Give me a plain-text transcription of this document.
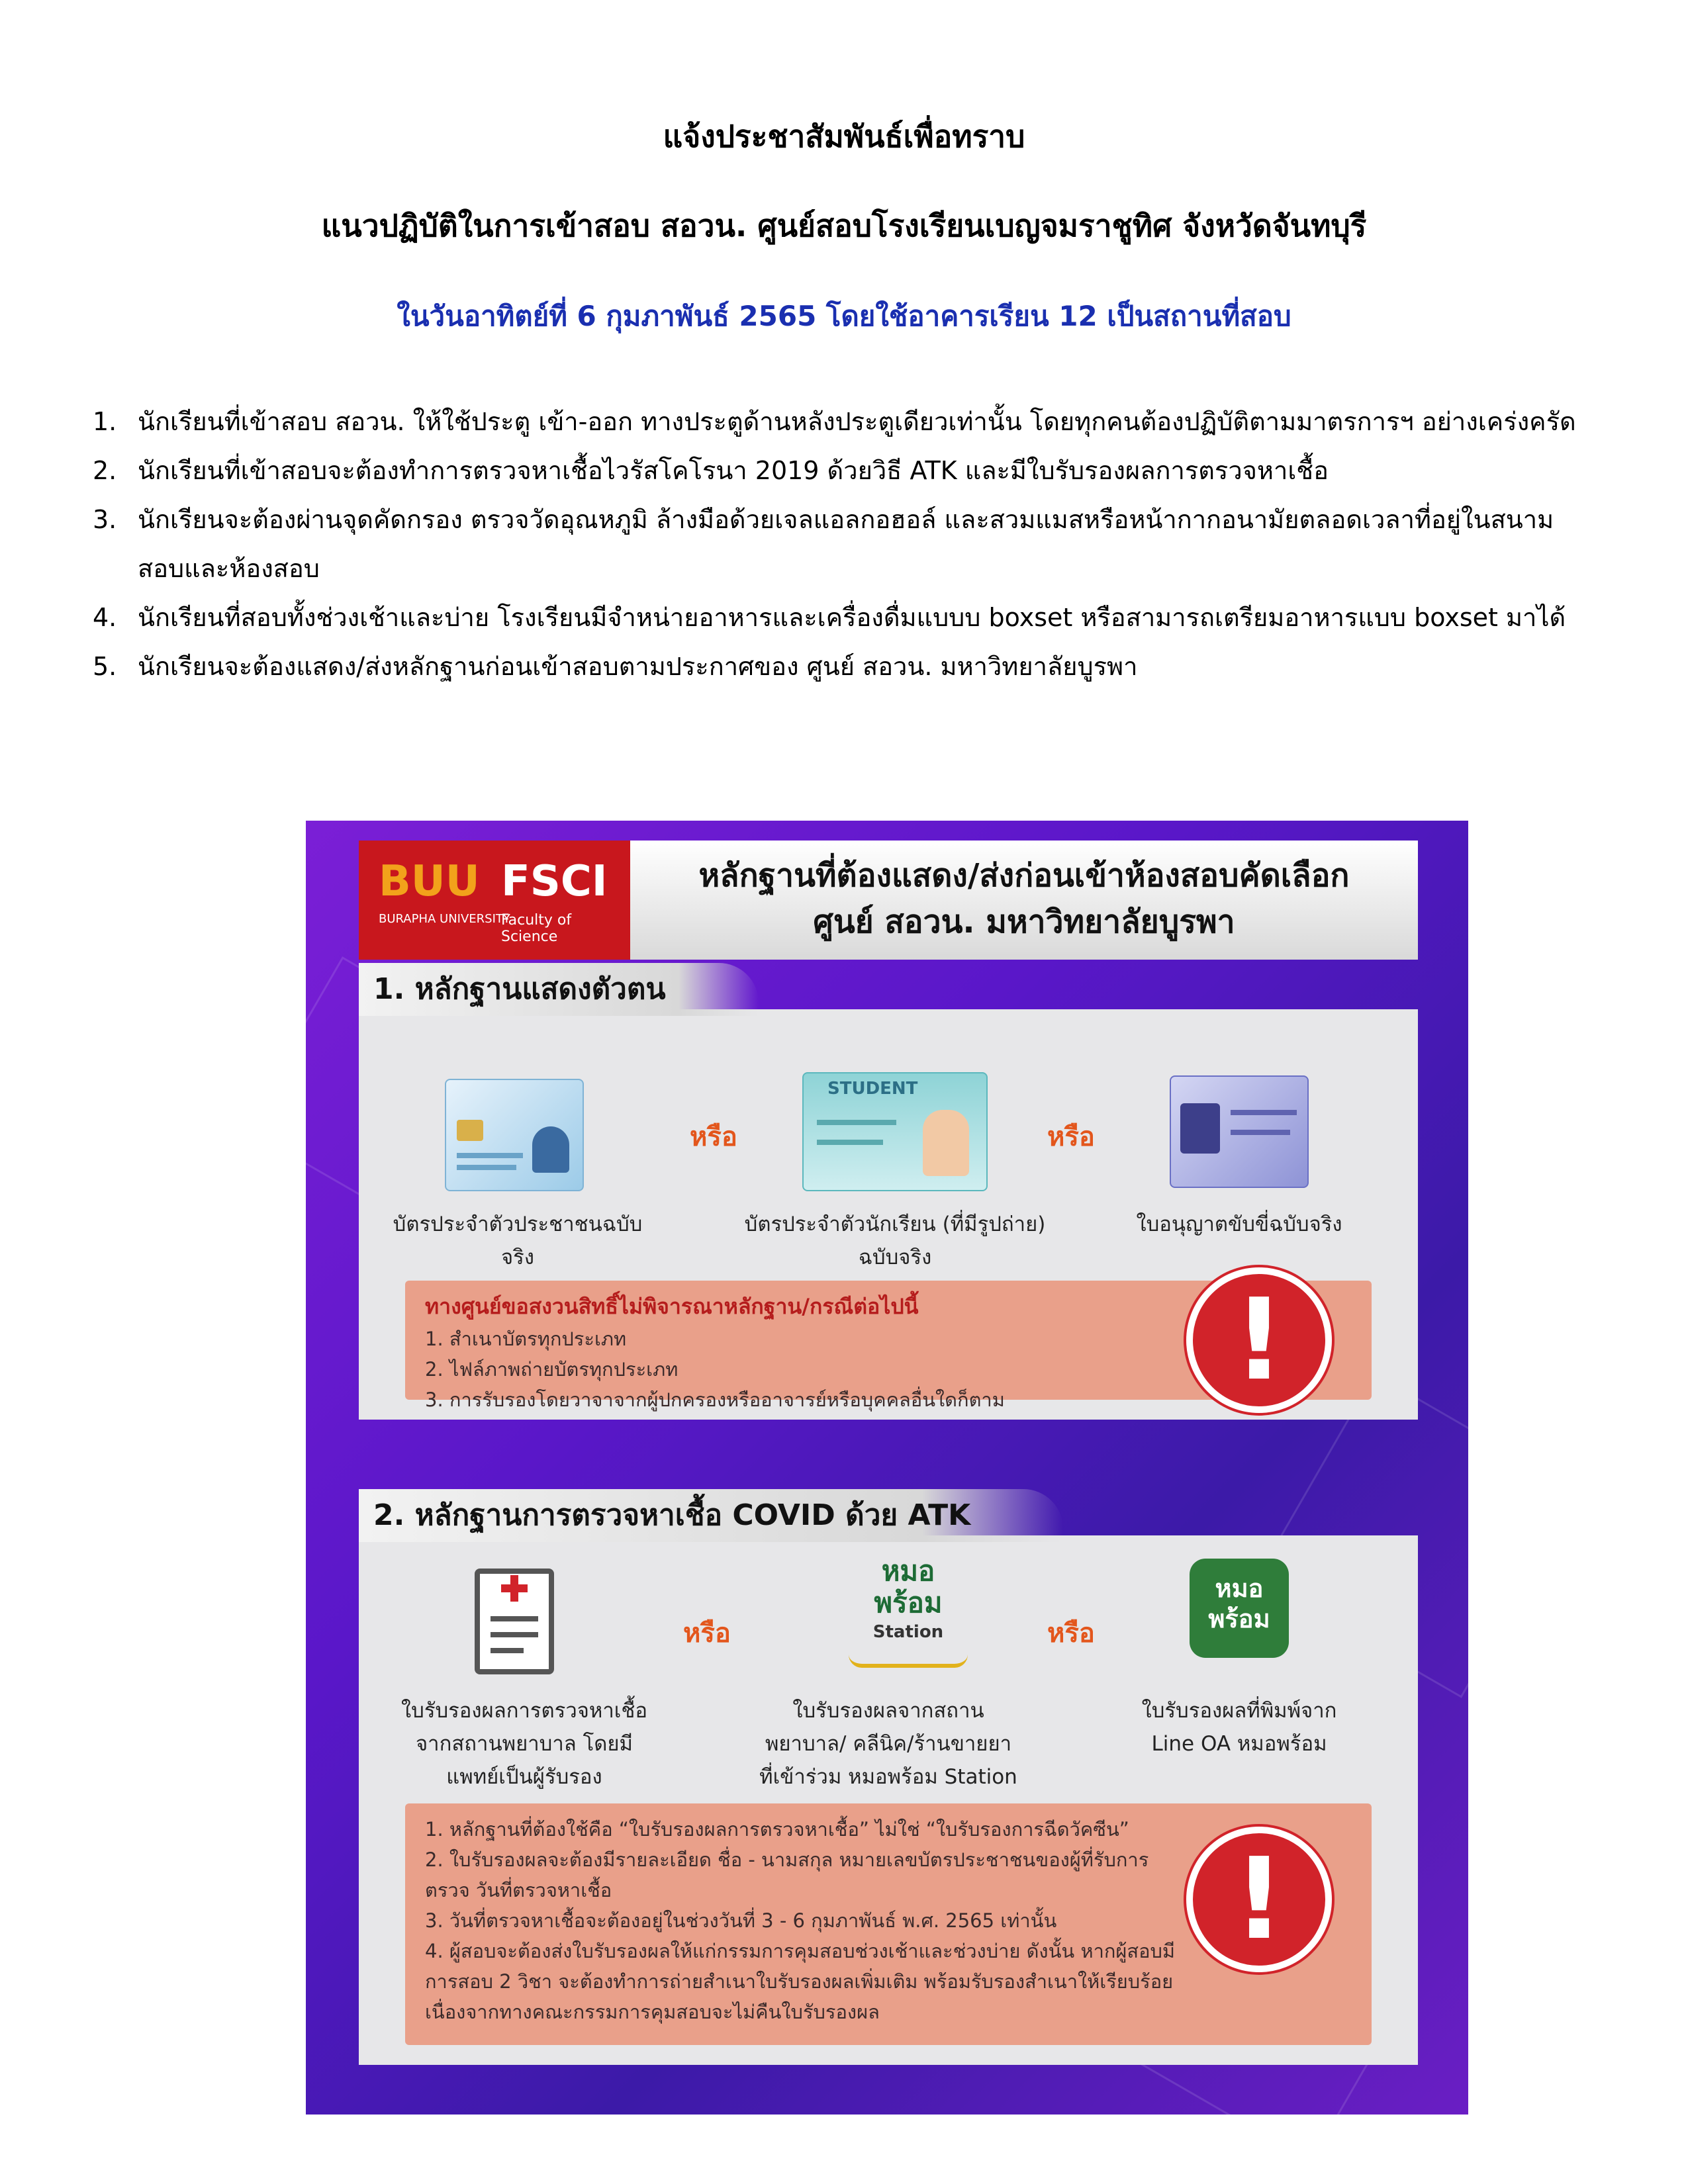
แจ้งประชาสัมพันธ์เพื่อทราบ
แนวปฏิบัติในการเข้าสอบ สอวน. ศูนย์สอบโรงเรียนเบญจมราชูทิศ จังหวัดจันทบุรี
ในวันอาทิตย์ที่ 6 กุมภาพันธ์ 2565 โดยใช้อาคารเรียน 12 เป็นสถานที่สอบ
1. นักเรียนที่เข้าสอบ สอวน. ให้ใช้ประตู เข้า-ออก ทางประตูด้านหลังประตูเดียวเท่านั้น โดยทุกคนต้องปฏิบัติตามมาตรการฯ อย่างเคร่งครัด
2. นักเรียนที่เข้าสอบจะต้องทำการตรวจหาเชื้อไวรัสโคโรนา 2019 ด้วยวิธี ATK และมีใบรับรองผลการตรวจหาเชื้อ
3. นักเรียนจะต้องผ่านจุดคัดกรอง ตรวจวัดอุณหภูมิ ล้างมือด้วยเจลแอลกอฮอล์ และสวมแมสหรือหน้ากากอนามัยตลอดเวลาที่อยู่ในสนามสอบและห้องสอบ
4. นักเรียนที่สอบทั้งช่วงเช้าและบ่าย โรงเรียนมีจำหน่ายอาหารและเครื่องดื่มแบบบ boxset หรือสามารถเตรียมอาหารแบบ boxset มาได้
5. นักเรียนจะต้องแสดง/ส่งหลักฐานก่อนเข้าสอบตามประกาศของ ศูนย์ สอวน. มหาวิทยาลัยบูรพา
BUU FSCI
BURAPHA UNIVERSITY
Faculty of Science
หลักฐานที่ต้องแสดง/ส่งก่อนเข้าห้องสอบคัดเลือก
ศูนย์ สอวน. มหาวิทยาลัยบูรพา
1. หลักฐานแสดงตัวตน
หรือ
STUDENT
หรือ
บัตรประจำตัวประชาชนฉบับจริง
บัตรประจำตัวนักเรียน (ที่มีรูปถ่าย) ฉบับจริง
ใบอนุญาตขับขี่ฉบับจริง
ทางศูนย์ขอสงวนสิทธิ์ไม่พิจารณาหลักฐาน/กรณีต่อไปนี้
1. สำเนาบัตรทุกประเภท
2. ไฟล์ภาพถ่ายบัตรทุกประเภท
3. การรับรองโดยวาจาจากผู้ปกครองหรืออาจารย์หรือบุคคลอื่นใดก็ตาม	!
2. หลักฐานการตรวจหาเชื้อ COVID ด้วย ATK
หรือ
หมอ
พร้อม
Station	หรือ
หมอ
พร้อม
ใบรับรองผลการตรวจหาเชื้อ จากสถานพยาบาล โดยมีแพทย์เป็นผู้รับรอง
ใบรับรองผลจากสถานพยาบาล/ คลีนิค/ร้านขายยา ที่เข้าร่วม หมอพร้อม Station
ใบรับรองผลที่พิมพ์จาก Line OA หมอพร้อม
1. หลักฐานที่ต้องใช้คือ “ใบรับรองผลการตรวจหาเชื้อ” ไม่ใช่ “ใบรับรองการฉีดวัคซีน”
2. ใบรับรองผลจะต้องมีรายละเอียด ชื่อ - นามสกุล หมายเลขบัตรประชาชนของผู้ที่รับการตรวจ วันที่ตรวจหาเชื้อ
3. วันที่ตรวจหาเชื้อจะต้องอยู่ในช่วงวันที่ 3 - 6 กุมภาพันธ์ พ.ศ. 2565 เท่านั้น
4. ผู้สอบจะต้องส่งใบรับรองผลให้แก่กรรมการคุมสอบช่วงเช้าและช่วงบ่าย ดังนั้น หากผู้สอบมีการสอบ 2 วิชา จะต้องทำการถ่ายสำเนาใบรับรองผลเพิ่มเติม พร้อมรับรองสำเนาให้เรียบร้อย เนื่องจากทางคณะกรรมการคุมสอบจะไม่คืนใบรับรองผล
!
